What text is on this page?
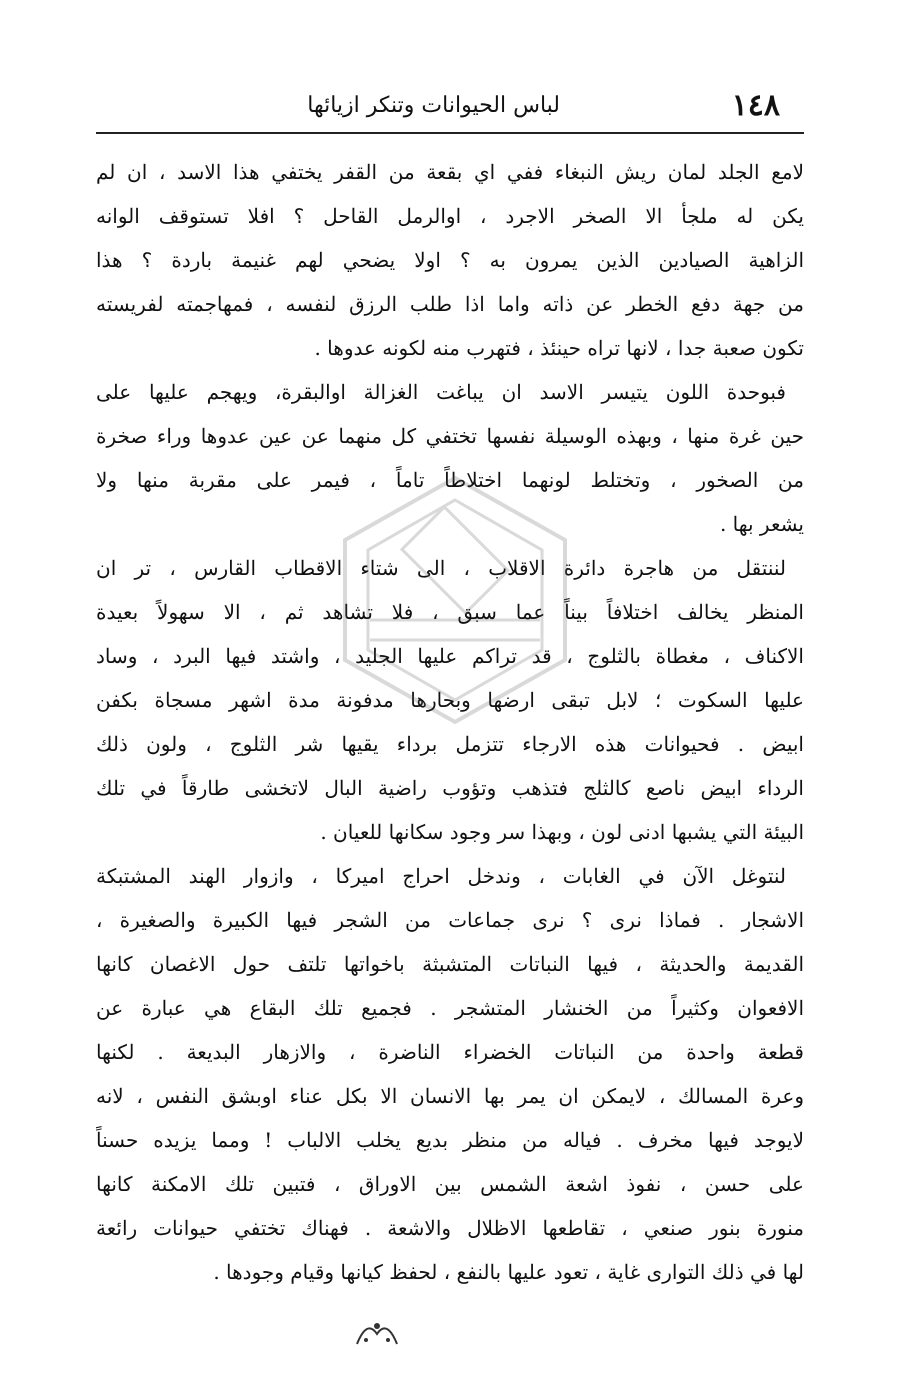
١٤٨
لباس الحيوانات وتنكر ازيائها
لامع الجلد لمان ريش النبغاء ففي اي بقعة من القفر يختفي هذا الاسد ، ان لم
يكن له ملجأ الا الصخر الاجرد ، اوالرمل القاحل ؟ افلا تستوقف الوانه
الزاهية الصيادين الذين يمرون به ؟ اولا يضحي لهم غنيمة باردة ؟ هذا
من جهة دفع الخطر عن ذاته واما اذا طلب الرزق لنفسه ، فمهاجمته لفريسته
تكون صعبة جدا ، لانها تراه حينئذ ، فتهرب منه لكونه عدوها .
فبوحدة اللون يتيسر الاسد ان يباغت الغزالة اوالبقرة، ويهجم عليها على
حين غرة منها ، وبهذه الوسيلة نفسها تختفي كل منهما عن عين عدوها وراء صخرة
من الصخور ، وتختلط لونهما اختلاطاً تاماً ، فيمر على مقربة منها ولا
يشعر بها .
لننتقل من هاجرة دائرة الاقلاب ، الى شتاء الاقطاب القارس ، تر ان
المنظر يخالف اختلافاً بيناً عما سبق ، فلا تشاهد ثم ، الا سهولاً بعيدة
الاكناف ، مغطاة بالثلوج ، قد تراكم عليها الجليد ، واشتد فيها البرد ، وساد
عليها السكوت ؛ لابل تبقى ارضها وبحارها مدفونة مدة اشهر مسجاة بكفن
ابيض . فحيوانات هذه الارجاء تتزمل برداء يقيها شر الثلوج ، ولون ذلك
الرداء ابيض ناصع كالثلج فتذهب وتؤوب راضية البال لاتخشى طارقاً في تلك
البيئة التي يشبها ادنى لون ، وبهذا سر وجود سكانها للعيان .
لنتوغل الآن في الغابات ، وندخل احراج اميركا ، وازوار الهند المشتبكة
الاشجار . فماذا نرى ؟ نرى جماعات من الشجر فيها الكبيرة والصغيرة ،
القديمة والحديثة ، فيها النباتات المتشبثة باخواتها تلتف حول الاغصان كانها
الافعوان وكثيراً من الخنشار المتشجر . فجميع تلك البقاع هي عبارة عن
قطعة واحدة من النباتات الخضراء الناضرة ، والازهار البديعة . لكنها
وعرة المسالك ، لايمكن ان يمر بها الانسان الا بكل عناء اوبشق النفس ، لانه
لايوجد فيها مخرف . فياله من منظر بديع يخلب الالباب ! ومما يزيده حسناً
على حسن ، نفوذ اشعة الشمس بين الاوراق ، فتبين تلك الامكنة كانها
منورة بنور صنعي ، تقاطعها الاظلال والاشعة . فهناك تختفي حيوانات رائعة
لها في ذلك التوارى غاية ، تعود عليها بالنفع ، لحفظ كيانها وقيام وجودها .
